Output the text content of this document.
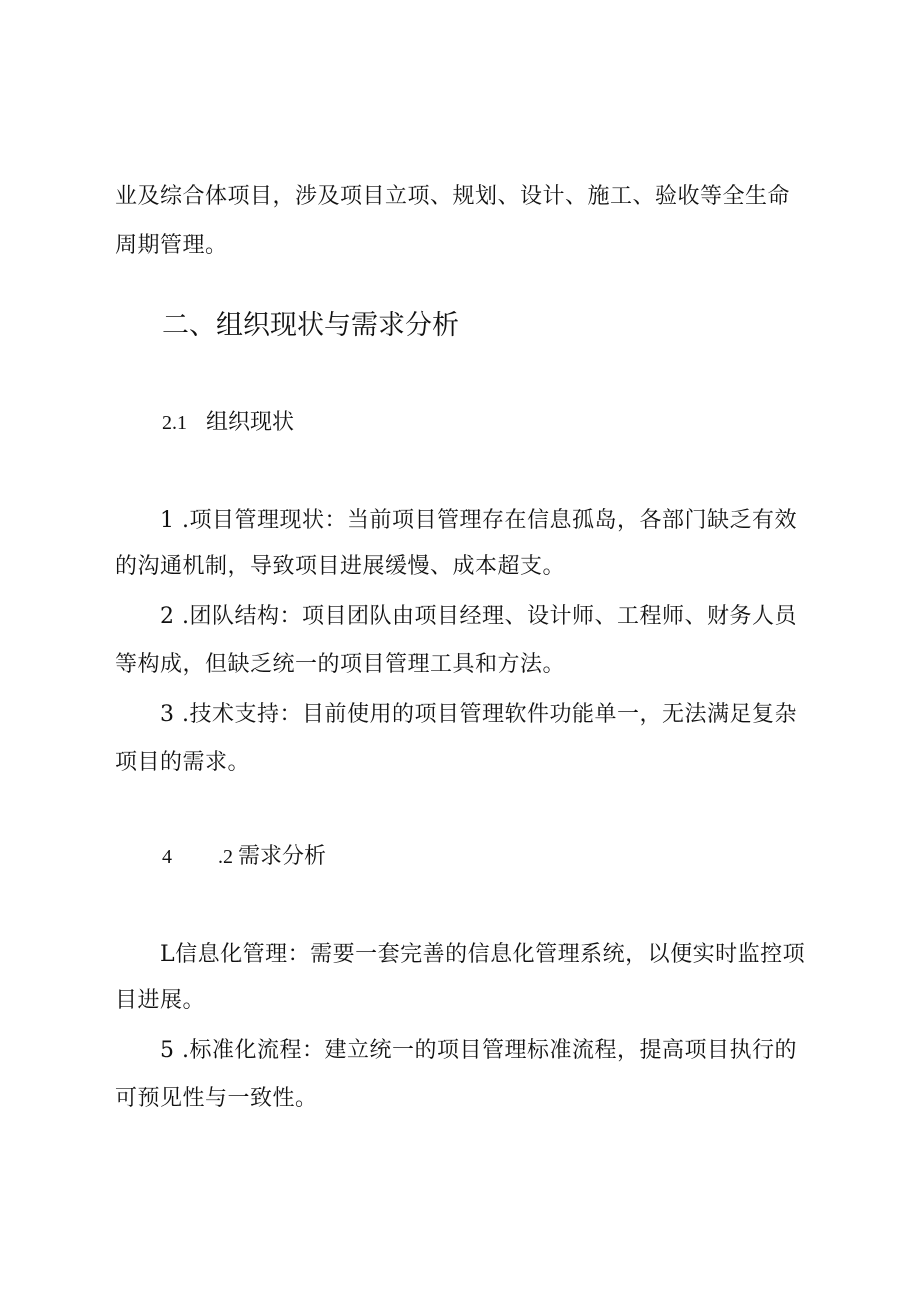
业及综合体项目，涉及项目立项、规划、设计、施工、验收等全生命
周期管理。
二、组织现状与需求分析
2.1 组织现状
1 .项目管理现状：当前项目管理存在信息孤岛，各部门缺乏有效
的沟通机制，导致项目进展缓慢、成本超支。
2 .团队结构：项目团队由项目经理、设计师、工程师、财务人员
等构成，但缺乏统一的项目管理工具和方法。
3 .技术支持：目前使用的项目管理软件功能单一，无法满足复杂
项目的需求。
4 .2 需求分析
L信息化管理：需要一套完善的信息化管理系统，以便实时监控项
目进展。
5 .标准化流程：建立统一的项目管理标准流程，提高项目执行的
可预见性与一致性。
